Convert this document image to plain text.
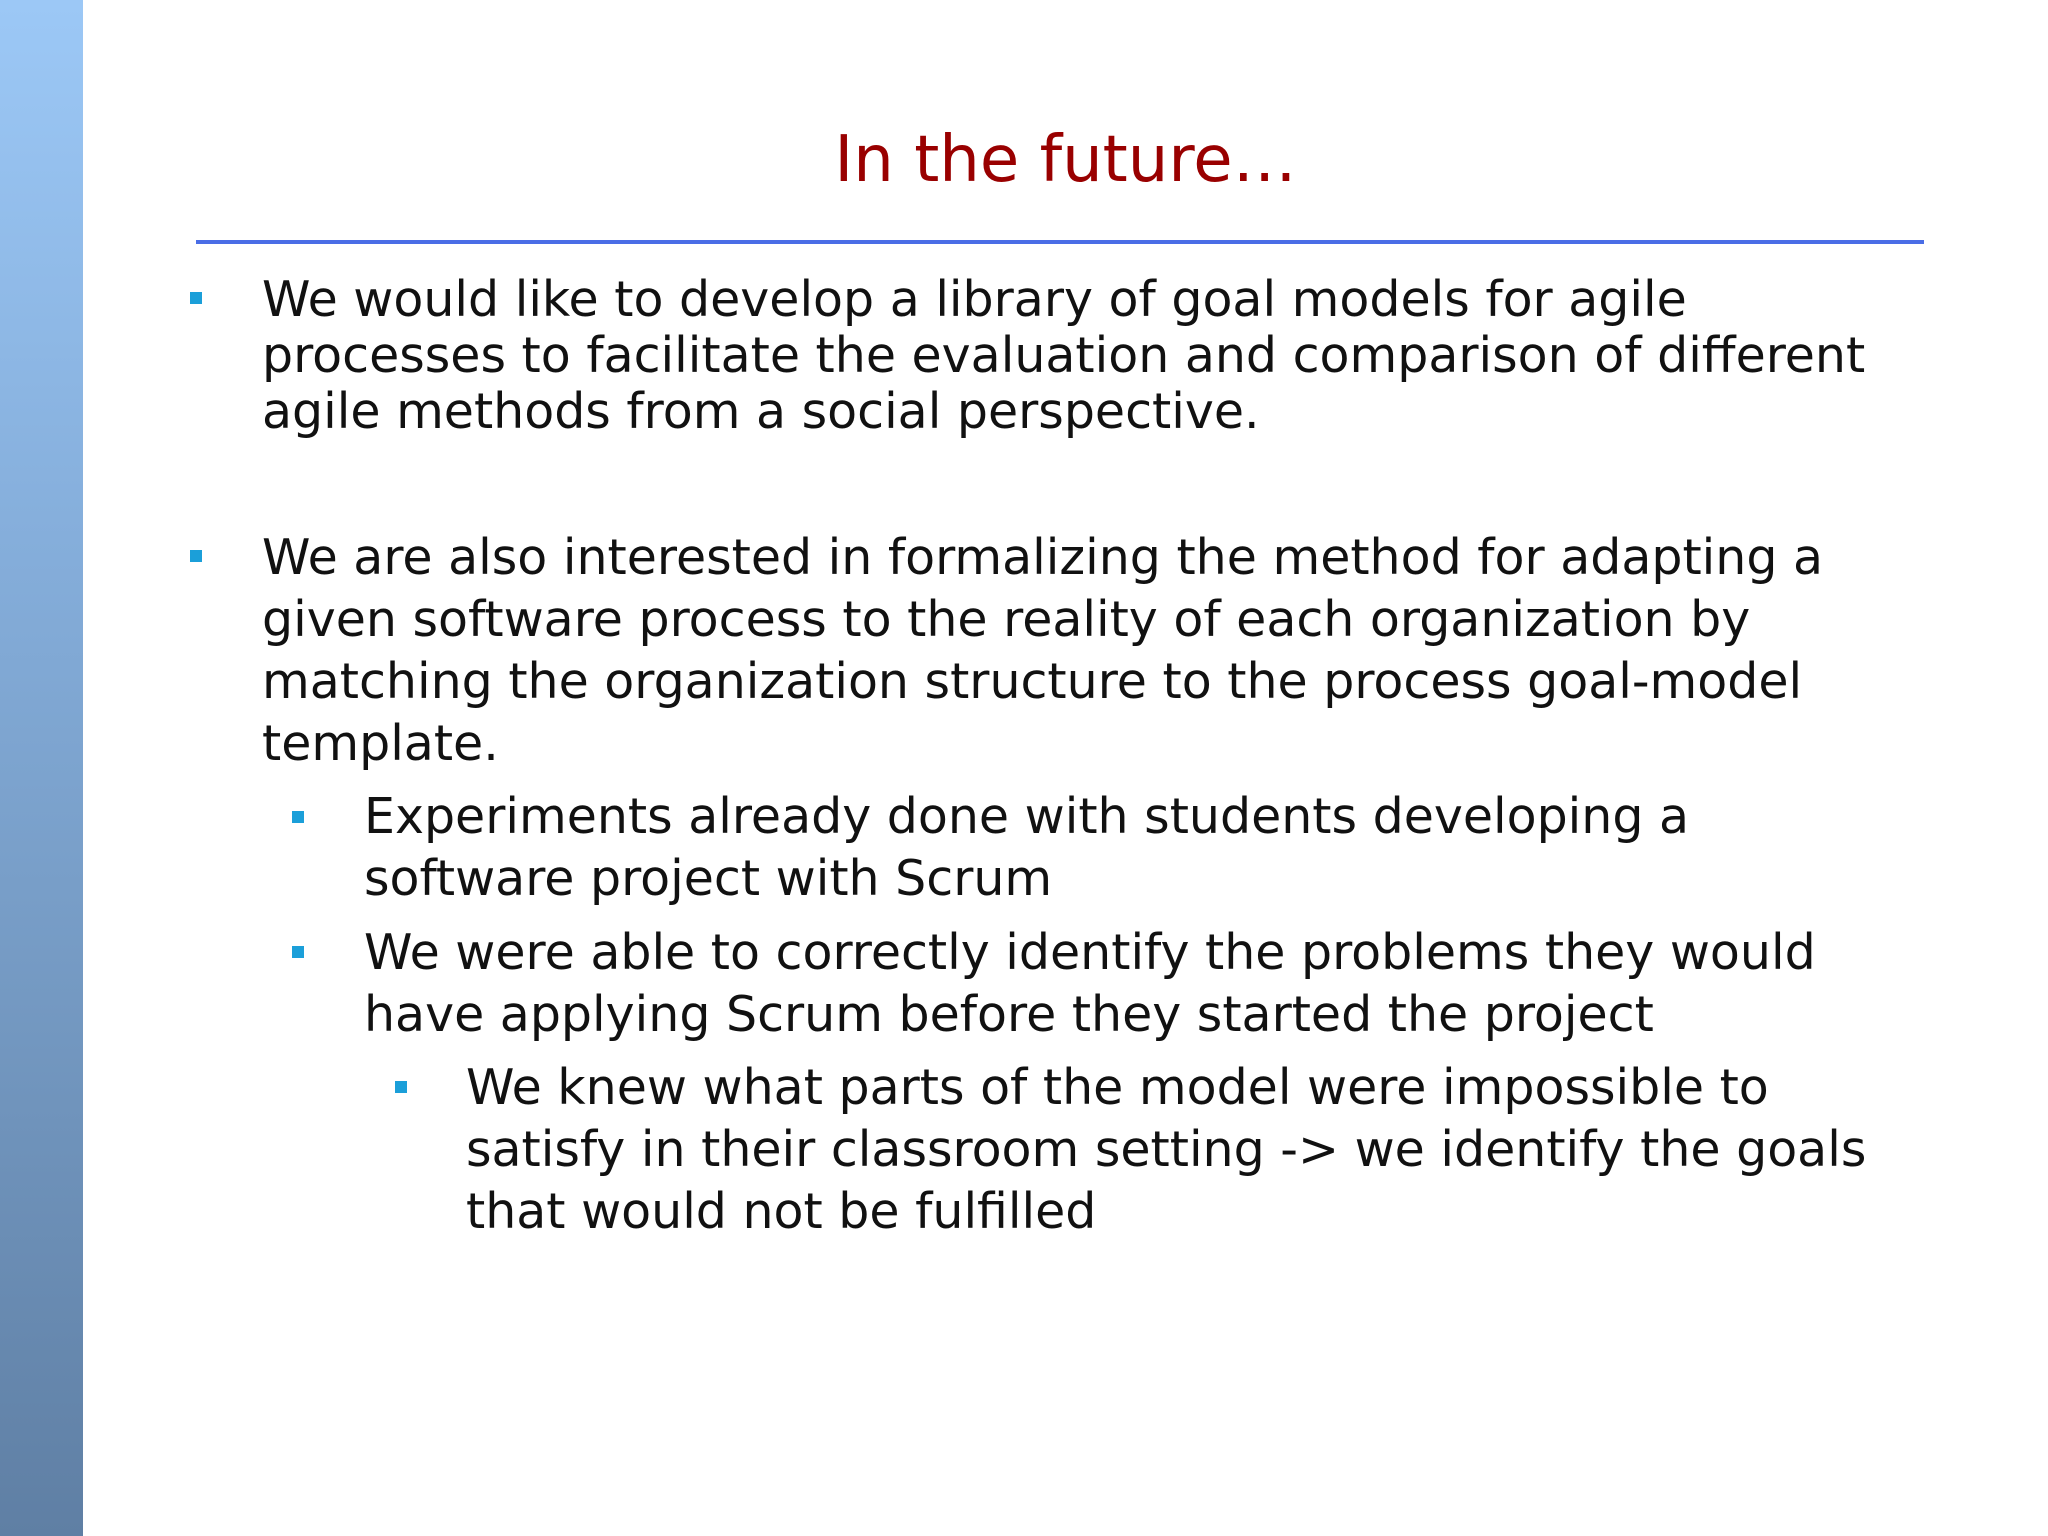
In the future…
We would like to develop a library of goal models for agile
processes to facilitate the evaluation and comparison of different
agile methods from a social perspective.
We are also interested in formalizing the method for adapting a
given software process to the reality of each organization by
matching the organization structure to the process goal-model
template.
Experiments already done with students developing a
software project with Scrum
We were able to correctly identify the problems they would
have applying Scrum before they started the project
We knew what parts of the model were impossible to
satisfy in their classroom setting -> we identify the goals
that would not be fulfilled
